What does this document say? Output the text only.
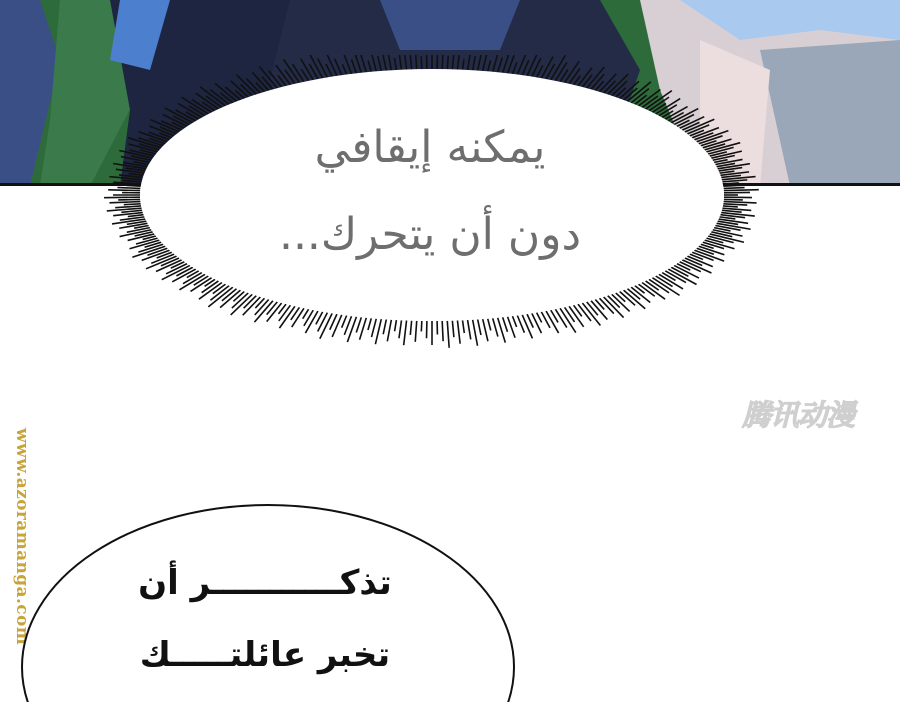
يمكنه إيقافي
دون أن يتحرك...
腾讯动漫
www.azoramanga.com	تذكـــــــــــر أن
تخبر عائلتـــــك
